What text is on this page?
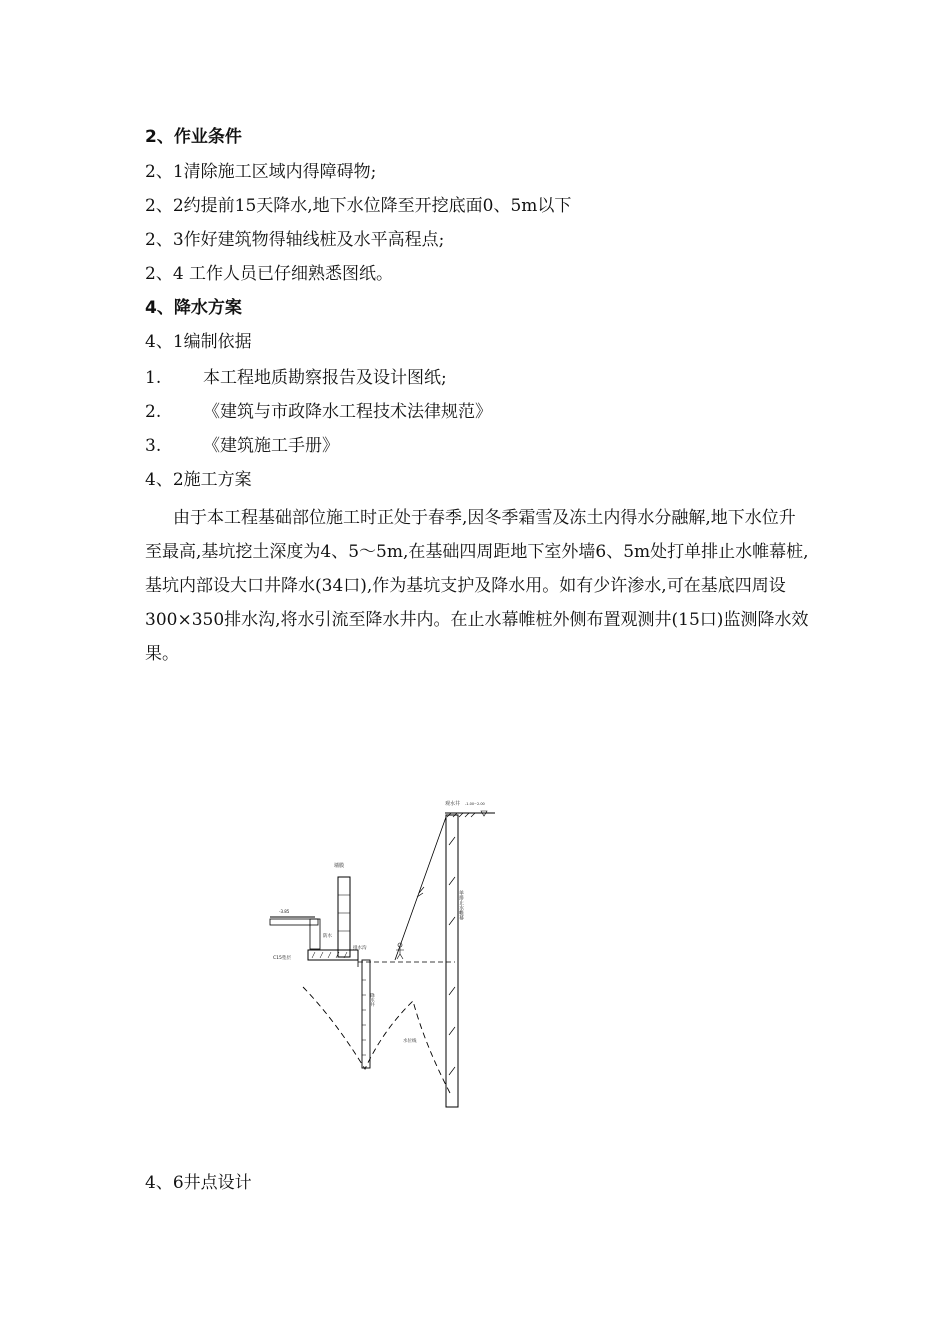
2、作业条件
2、1清除施工区域内得障碍物;
2、2约提前15天降水,地下水位降至开挖底面0、5m以下
2、3作好建筑物得轴线桩及水平高程点;
2、4 工作人员已仔细熟悉图纸。
4、降水方案
4、1编制依据
1. 本工程地质勘察报告及设计图纸;
2. 《建筑与市政降水工程技术法律规范》
3. 《建筑施工手册》
4、2施工方案
由于本工程基础部位施工时正处于春季,因冬季霜雪及冻土内得水分融解,地下水位升至最高,基坑挖土深度为4、5～5m,在基础四周距地下室外墙6、5m处打单排止水帷幕桩,基坑内部设大口井降水(34口),作为基坑支护及降水用。如有少许渗水,可在基底四周设300×350排水沟,将水引流至降水井内。在止水幕帷桩外侧布置观测井(15口)监测降水效果。
观水井 -1.00~2.00
单排止水帷幕
墙膜
-3.85
防水
C15垫层
排水沟
降水井
水位线
4、6井点设计
